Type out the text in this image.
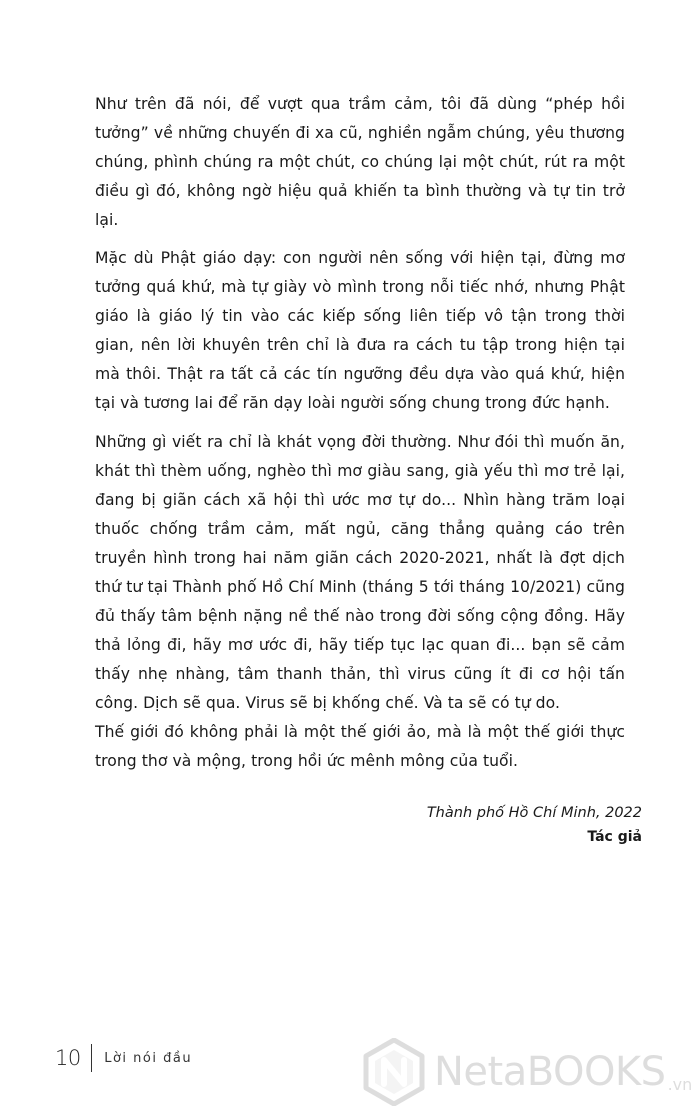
Như trên đã nói, để vượt qua trầm cảm, tôi đã dùng “phép hồi tưởng” về những chuyến đi xa cũ, nghiền ngẫm chúng, yêu thương chúng, phình chúng ra một chút, co chúng lại một chút, rút ra một điều gì đó, không ngờ hiệu quả khiến ta bình thường và tự tin trở lại.

Mặc dù Phật giáo dạy: con người nên sống với hiện tại, đừng mơ tưởng quá khứ, mà tự giày vò mình trong nỗi tiếc nhớ, nhưng Phật giáo là giáo lý tin vào các kiếp sống liên tiếp vô tận trong thời gian, nên lời khuyên trên chỉ là đưa ra cách tu tập trong hiện tại mà thôi. Thật ra tất cả các tín ngưỡng đều dựa vào quá khứ, hiện tại và tương lai để răn dạy loài người sống chung trong đức hạnh.

Những gì viết ra chỉ là khát vọng đời thường. Như đói thì muốn ăn, khát thì thèm uống, nghèo thì mơ giàu sang, già yếu thì mơ trẻ lại, đang bị giãn cách xã hội thì ước mơ tự do... Nhìn hàng trăm loại thuốc chống trầm cảm, mất ngủ, căng thẳng quảng cáo trên truyền hình trong hai năm giãn cách 2020-2021, nhất là đợt dịch thứ tư tại Thành phố Hồ Chí Minh (tháng 5 tới tháng 10/2021) cũng đủ thấy tâm bệnh nặng nề thế nào trong đời sống cộng đồng. Hãy thả lỏng đi, hãy mơ ước đi, hãy tiếp tục lạc quan đi... bạn sẽ cảm thấy nhẹ nhàng, tâm thanh thản, thì virus cũng ít đi cơ hội tấn công. Dịch sẽ qua. Virus sẽ bị khống chế. Và ta sẽ có tự do.

Thế giới đó không phải là một thế giới ảo, mà là một thế giới thực trong thơ và mộng, trong hồi ức mênh mông của tuổi.

Thành phố Hồ Chí Minh, 2022
Tác giả
10 Lời nói đầu	NetaBOOKS .vn
